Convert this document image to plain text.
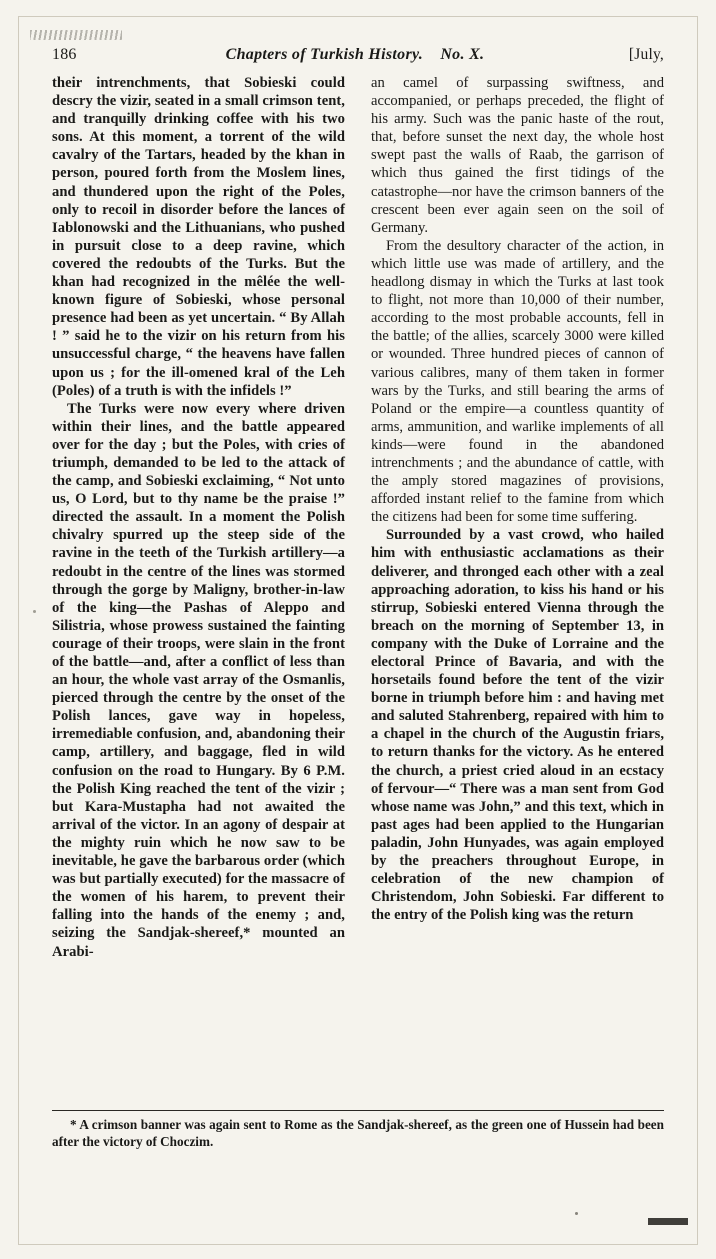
186	Chapters of Turkish History. No. X.	[July,

their intrenchments, that Sobieski could descry the vizir, seated in a small crimson tent, and tranquilly drinking coffee with his two sons. At this moment, a torrent of the wild cavalry of the Tartars, headed by the khan in person, poured forth from the Moslem lines, and thundered upon the right of the Poles, only to recoil in disorder before the lances of Iablonowski and the Lithuanians, who pushed in pursuit close to a deep ravine, which covered the redoubts of the Turks. But the khan had recognized in the mêlée the well-known figure of Sobieski, whose personal presence had been as yet uncertain. “ By Allah ! ” said he to the vizir on his return from his unsuccessful charge, “ the heavens have fallen upon us ; for the ill-omened kral of the Leh (Poles) of a truth is with the infidels !”

The Turks were now every where driven within their lines, and the battle appeared over for the day ; but the Poles, with cries of triumph, demanded to be led to the attack of the camp, and Sobieski exclaiming, “ Not unto us, O Lord, but to thy name be the praise !” directed the assault. In a moment the Polish chivalry spurred up the steep side of the ravine in the teeth of the Turkish artillery—a redoubt in the centre of the lines was stormed through the gorge by Maligny, brother-in-law of the king—the Pashas of Aleppo and Silistria, whose prowess sustained the fainting courage of their troops, were slain in the front of the battle—and, after a conflict of less than an hour, the whole vast array of the Osmanlis, pierced through the centre by the onset of the Polish lances, gave way in hopeless, irremediable confusion, and, abandoning their camp, artillery, and baggage, fled in wild confusion on the road to Hungary. By 6 P.M. the Polish King reached the tent of the vizir ; but Kara-Mustapha had not awaited the arrival of the victor. In an agony of despair at the mighty ruin which he now saw to be inevitable, he gave the barbarous order (which was but partially executed) for the massacre of the women of his harem, to prevent their falling into the hands of the enemy ; and, seizing the Sandjak-shereef,* mounted an Arabi-

an camel of surpassing swiftness, and accompanied, or perhaps preceded, the flight of his army. Such was the panic haste of the rout, that, before sunset the next day, the whole host swept past the walls of Raab, the garrison of which thus gained the first tidings of the catastrophe—nor have the crimson banners of the crescent been ever again seen on the soil of Germany.

From the desultory character of the action, in which little use was made of artillery, and the headlong dismay in which the Turks at last took to flight, not more than 10,000 of their number, according to the most probable accounts, fell in the battle; of the allies, scarcely 3000 were killed or wounded. Three hundred pieces of cannon of various calibres, many of them taken in former wars by the Turks, and still bearing the arms of Poland or the empire—a countless quantity of arms, ammunition, and warlike implements of all kinds—were found in the abandoned intrenchments ; and the abundance of cattle, with the amply stored magazines of provisions, afforded instant relief to the famine from which the citizens had been for some time suffering.

Surrounded by a vast crowd, who hailed him with enthusiastic acclamations as their deliverer, and thronged each other with a zeal approaching adoration, to kiss his hand or his stirrup, Sobieski entered Vienna through the breach on the morning of September 13, in company with the Duke of Lorraine and the electoral Prince of Bavaria, and with the horsetails found before the tent of the vizir borne in triumph before him : and having met and saluted Stahrenberg, repaired with him to a chapel in the church of the Augustin friars, to return thanks for the victory. As he entered the church, a priest cried aloud in an ecstacy of fervour—“ There was a man sent from God whose name was John,” and this text, which in past ages had been applied to the Hungarian paladin, John Hunyades, was again employed by the preachers throughout Europe, in celebration of the new champion of Christendom, John Sobieski. Far different to the entry of the Polish king was the return

* A crimson banner was again sent to Rome as the Sandjak-shereef, as the green one of Hussein had been after the victory of Choczim.
